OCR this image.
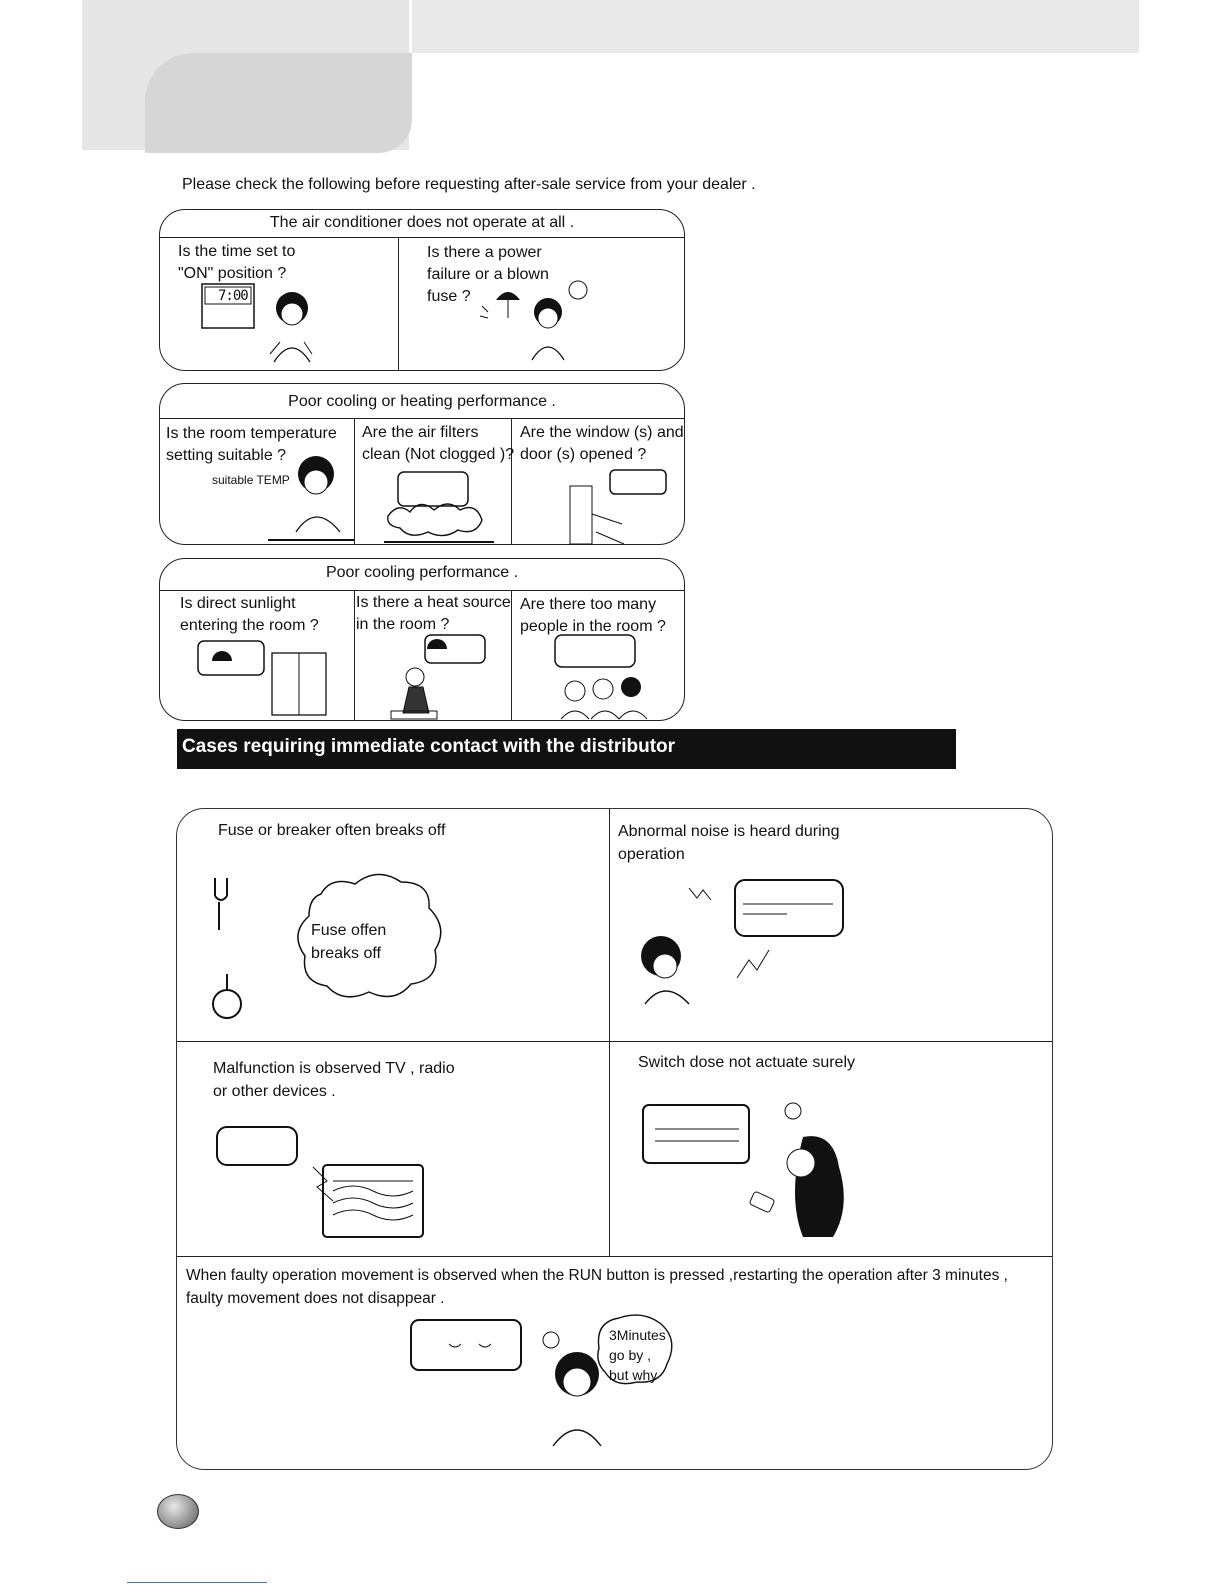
Please check the following before requesting after-sale service from your dealer .
The air conditioner does not operate at all .
Is the time set to
"ON" position ?
Is there a power
failure or a blown
fuse ?
7:00
Poor cooling or heating performance .
Is the room temperature
setting suitable ?
Are the air filters
clean (Not clogged )?
Are the window (s) and
door (s) opened ?
suitable TEMP
Poor cooling performance .
Is direct sunlight
entering the room ?
Is there a heat source
in the room ?
Are there too many
people in the room ?
Cases requiring immediate contact with the distributor
Fuse or breaker often breaks off	Abnormal noise is heard during
operation
Malfunction is observed TV , radio
or other devices .
Switch dose not actuate surely
When faulty operation movement is observed when the RUN button is pressed ,restarting the operation after 3 minutes ,
faulty movement does not disappear .
Fuse offen
breaks off
3Minutes
go by ,
but why
